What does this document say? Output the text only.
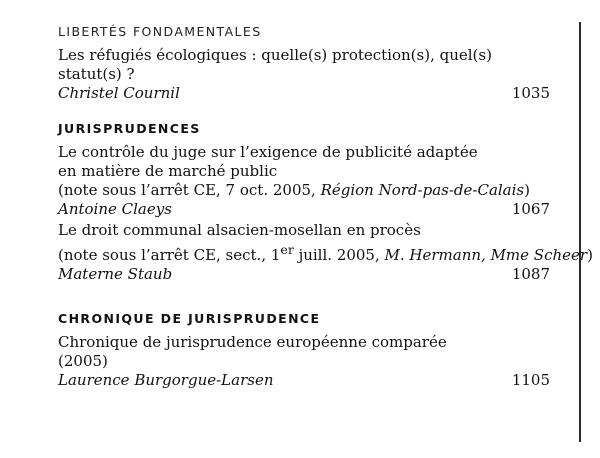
LIBERTÉS FONDAMENTALES
Les réfugiés écologiques : quelle(s) protection(s), quel(s) statut(s) ?
Christel Cournil	1035
JURISPRUDENCES
Le contrôle du juge sur l’exigence de publicité adaptée en matière de marché public
(note sous l’arrêt CE, 7 oct. 2005, Région Nord-pas-de-Calais)
Antoine Claeys	1067
Le droit communal alsacien-mosellan en procès
(note sous l’arrêt CE, sect., 1er juill. 2005, M. Hermann, Mme Scheer)
Materne Staub	1087
CHRONIQUE DE JURISPRUDENCE
Chronique de jurisprudence européenne comparée (2005)
Laurence Burgorgue-Larsen	1105
